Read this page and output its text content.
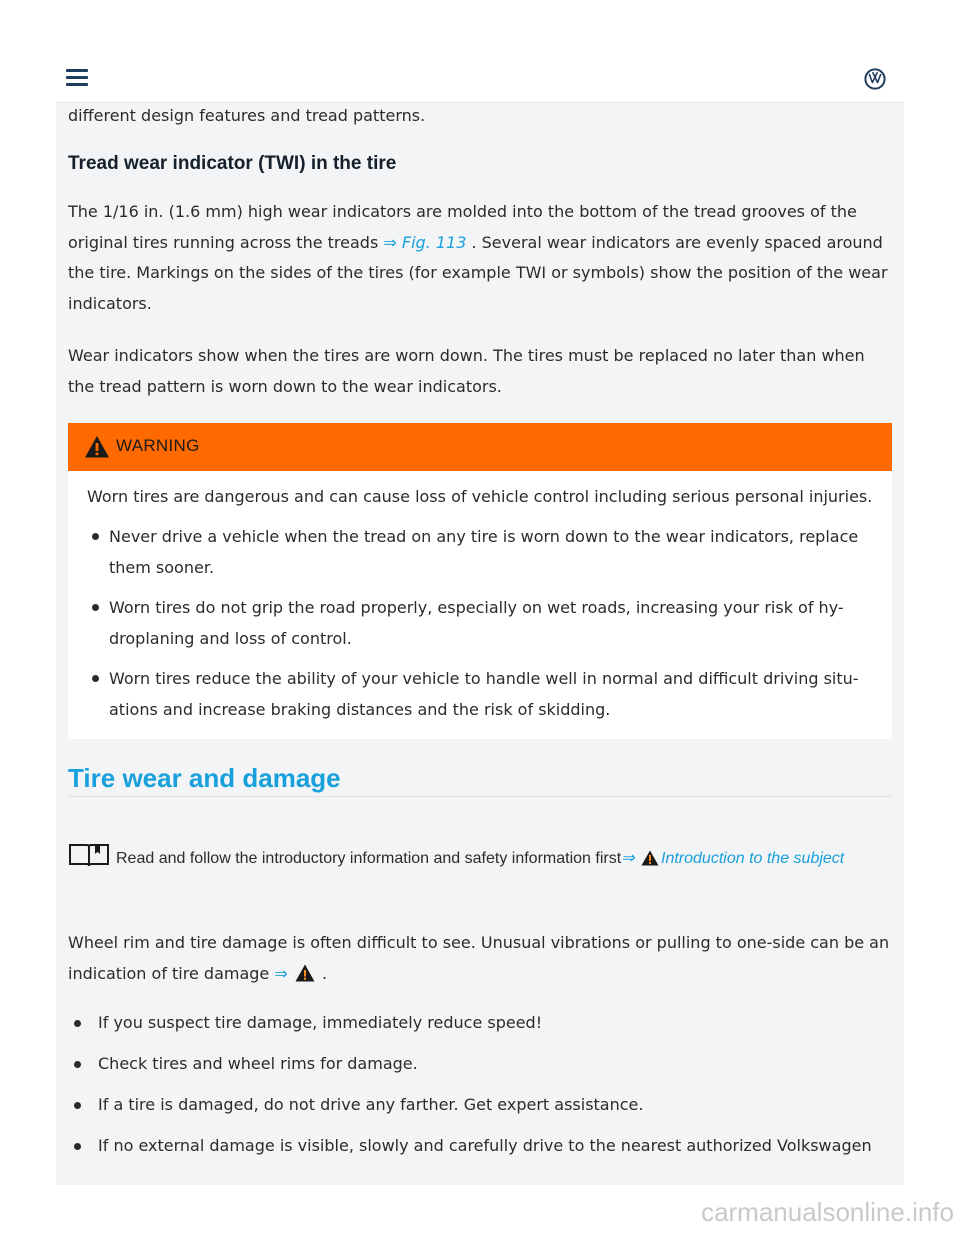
different design features and tread patterns.

Tread wear indicator (TWI) in the tire

The 1/16 in. (1.6 mm) high wear indicators are molded into the bottom of the tread grooves of the original tires running across the treads ⇒ Fig. 113 . Several wear indicators are evenly spaced around the tire. Markings on the sides of the tires (for example TWI or symbols) show the position of the wear indicators.

Wear indicators show when the tires are worn down. The tires must be replaced no later than when the tread pattern is worn down to the wear indicators.

WARNING

Worn tires are dangerous and can cause loss of vehicle control including serious personal injuries.

Never drive a vehicle when the tread on any tire is worn down to the wear indicators, replace them sooner.
Worn tires do not grip the road properly, especially on wet roads, increasing your risk of hy-droplaning and loss of control.
Worn tires reduce the ability of your vehicle to handle well in normal and difficult driving situ-ations and increase braking distances and the risk of skidding.
Tire wear and damage

Read and follow the introductory information and safety information first⇒ Introduction to the subject

Wheel rim and tire damage is often difficult to see. Unusual vibrations or pulling to one-side can be an indication of tire damage ⇒ .

If you suspect tire damage, immediately reduce speed!
Check tires and wheel rims for damage.
If a tire is damaged, do not drive any farther. Get expert assistance.
If no external damage is visible, slowly and carefully drive to the nearest authorized Volkswagen
carmanualsonline.info
